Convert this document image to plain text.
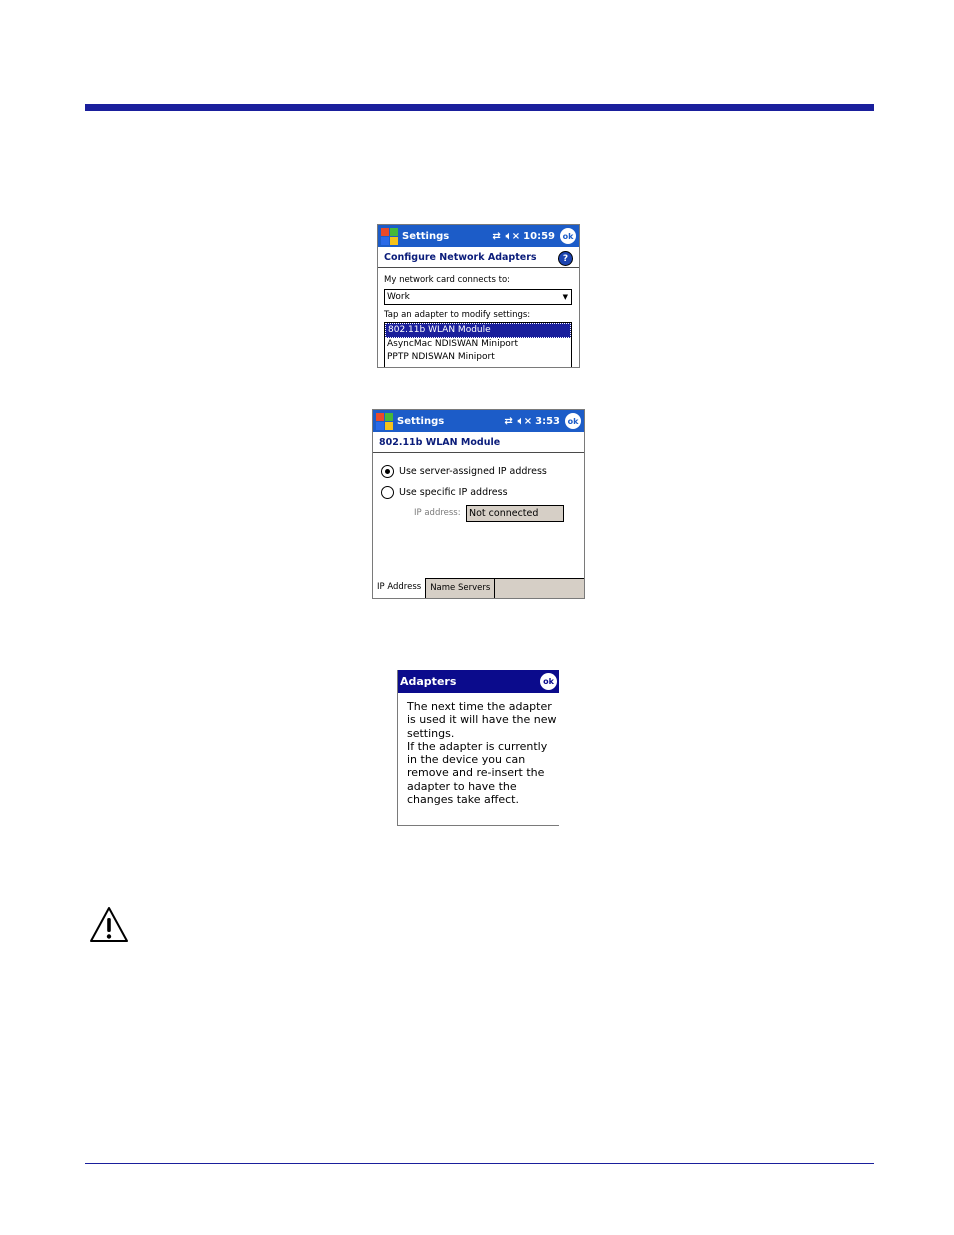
Settings	⇄ 🔈︎× 10:59 ok
Configure Network Adapters	?
My network card connects to:
Work	▼
Tap an adapter to modify settings:
802.11b WLAN Module
AsyncMac NDISWAN Miniport
PPTP NDISWAN Miniport
Settings	⇄ 🔈︎× 3:53 ok
802.11b WLAN Module
Use server-assigned IP address
Use specific IP address
IP address: Not connected
IP Address	Name Servers
Adapters	ok
The next time the adapter
is used it will have the new
settings.
If the adapter is currently
in the device you can
remove and re-insert the
adapter to have the
changes take affect.
